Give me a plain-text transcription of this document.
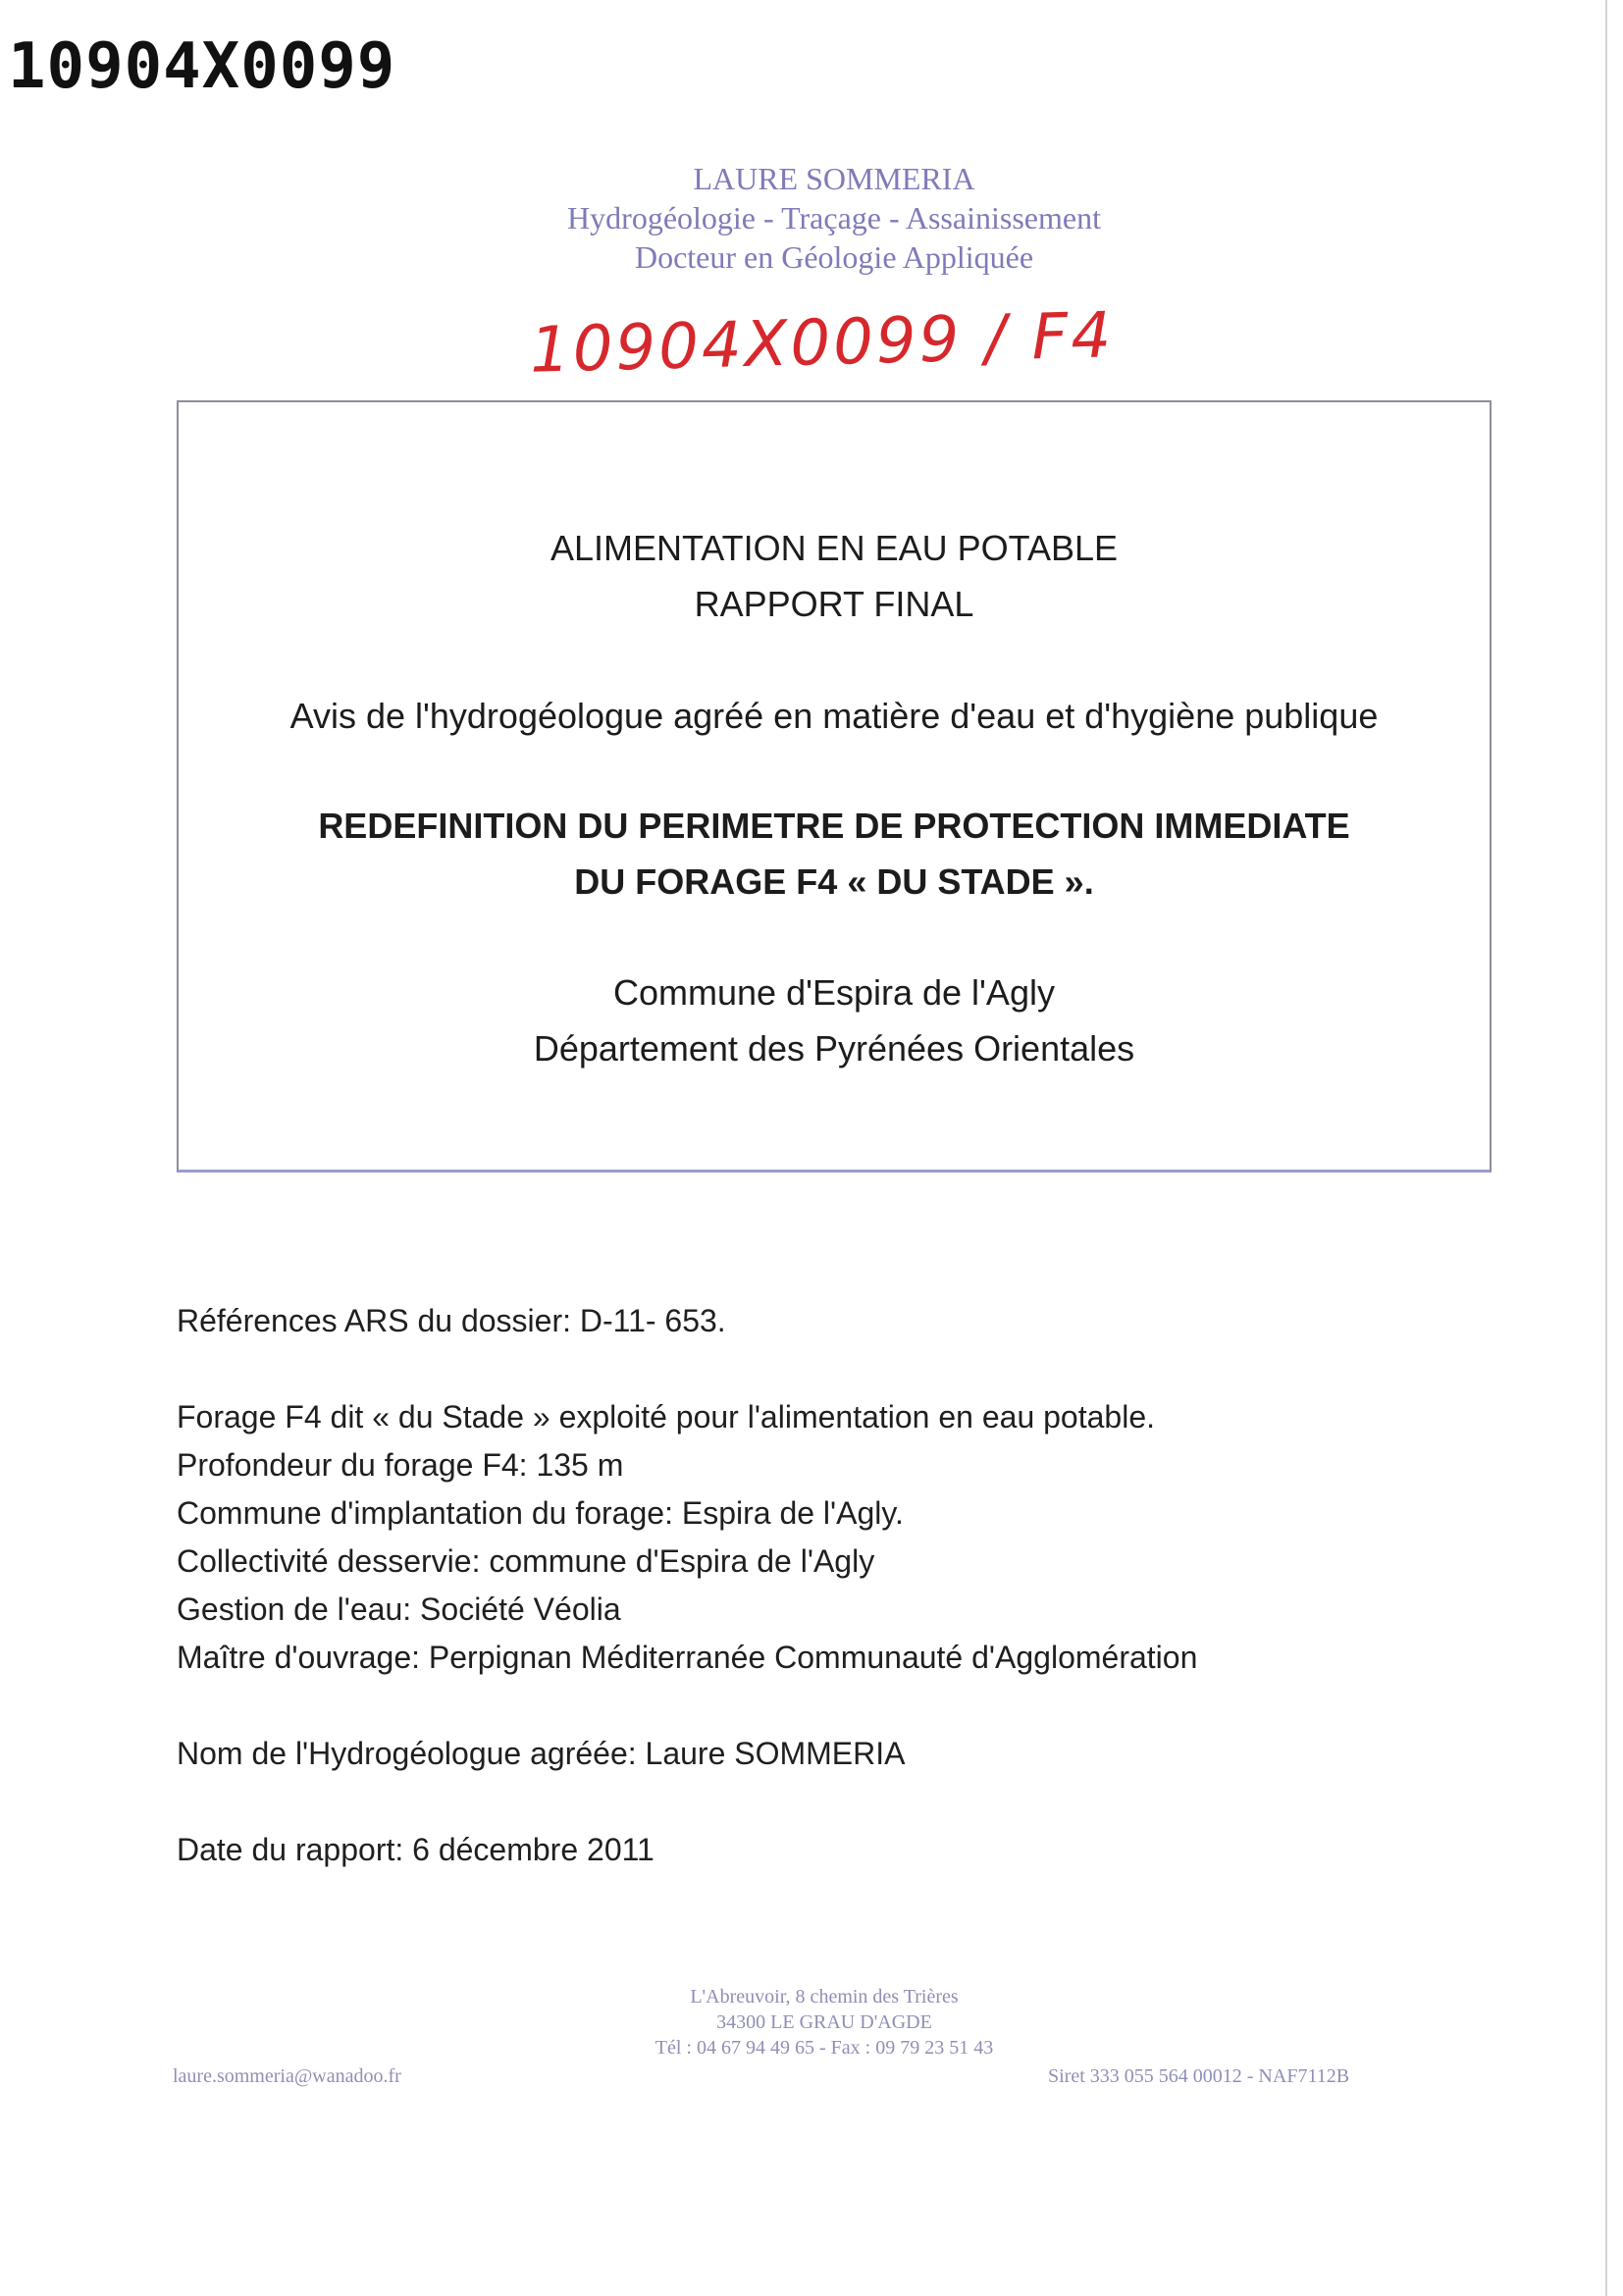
10904X0099
LAURE SOMMERIA
Hydrogéologie - Traçage - Assainissement
Docteur en Géologie Appliquée
10904X0099 / F4
ALIMENTATION EN EAU POTABLE
RAPPORT FINAL
Avis de l'hydrogéologue agréé en matière d'eau et d'hygiène publique
REDEFINITION DU PERIMETRE DE PROTECTION IMMEDIATE
DU FORAGE F4 « DU STADE ».
Commune d'Espira de l'Agly
Département des Pyrénées Orientales
Références ARS du dossier: D-11- 653.
Forage F4 dit « du Stade » exploité pour l'alimentation en eau potable.
Profondeur du forage F4: 135 m
Commune d'implantation du forage: Espira de l'Agly.
Collectivité desservie: commune d'Espira de l'Agly
Gestion de l'eau: Société Véolia
Maître d'ouvrage: Perpignan Méditerranée Communauté d'Agglomération
Nom de l'Hydrogéologue agréée: Laure SOMMERIA
Date du rapport: 6 décembre 2011
L'Abreuvoir, 8 chemin des Trières
34300 LE GRAU D'AGDE
Tél : 04 67 94 49 65 - Fax : 09 79 23 51 43
laure.sommeria@wanadoo.fr	Siret 333 055 564 00012 - NAF7112B
